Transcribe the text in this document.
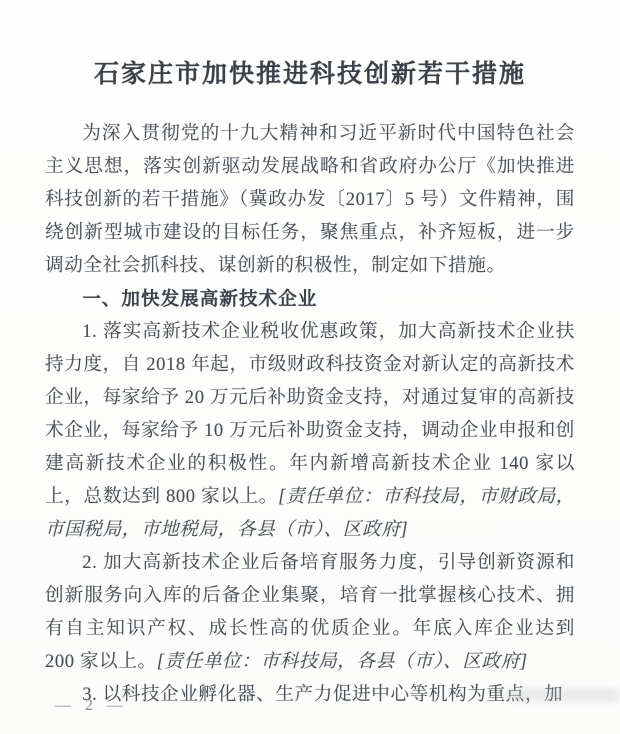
石家庄市加快推进科技创新若干措施

为深入贯彻党的十九大精神和习近平新时代中国特色社会主义思想，落实创新驱动发展战略和省政府办公厅《加快推进科技创新的若干措施》（冀政办发〔2017〕5 号）文件精神，围绕创新型城市建设的目标任务，聚焦重点，补齐短板，进一步调动全社会抓科技、谋创新的积极性，制定如下措施。

一、加快发展高新技术企业

1. 落实高新技术企业税收优惠政策，加大高新技术企业扶持力度，自 2018 年起，市级财政科技资金对新认定的高新技术企业，每家给予 20 万元后补助资金支持，对通过复审的高新技术企业，每家给予 10 万元后补助资金支持，调动企业申报和创建高新技术企业的积极性。年内新增高新技术企业 140 家以上，总数达到 800 家以上。[责任单位：市科技局，市财政局，市国税局，市地税局，各县（市）、区政府]

2. 加大高新技术企业后备培育服务力度，引导创新资源和创新服务向入库的后备企业集聚，培育一批掌握核心技术、拥有自主知识产权、成长性高的优质企业。年底入库企业达到 200 家以上。[责任单位：市科技局，各县（市）、区政府]

3. 以科技企业孵化器、生产力促进中心等机构为重点，加

— 2 —
